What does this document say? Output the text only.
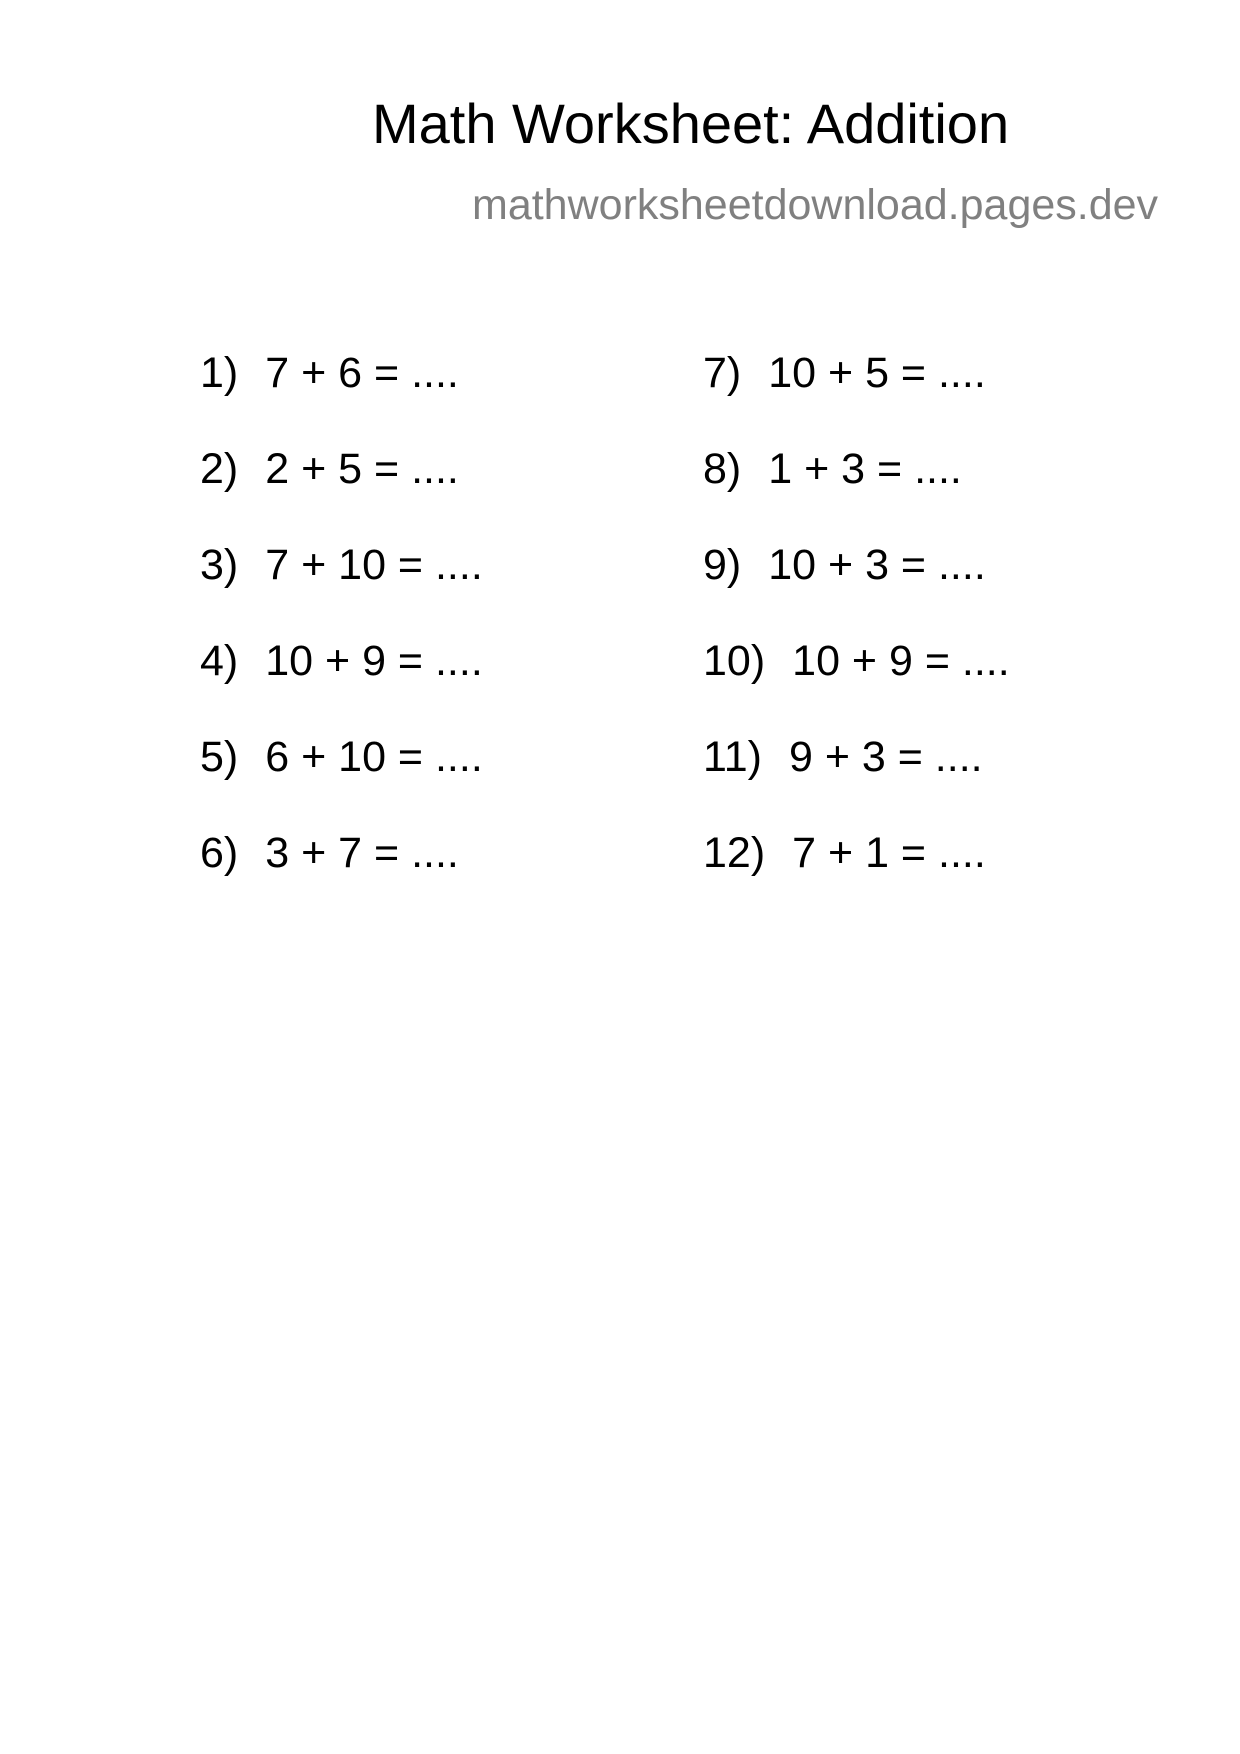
Math Worksheet: Addition
mathworksheetdownload.pages.dev
1) 7 + 6 = ....
2) 2 + 5 = ....
3) 7 + 10 = ....
4) 10 + 9 = ....
5) 6 + 10 = ....
6) 3 + 7 = ....
7) 10 + 5 = ....
8) 1 + 3 = ....
9) 10 + 3 = ....
10) 10 + 9 = ....
11) 9 + 3 = ....
12) 7 + 1 = ....
